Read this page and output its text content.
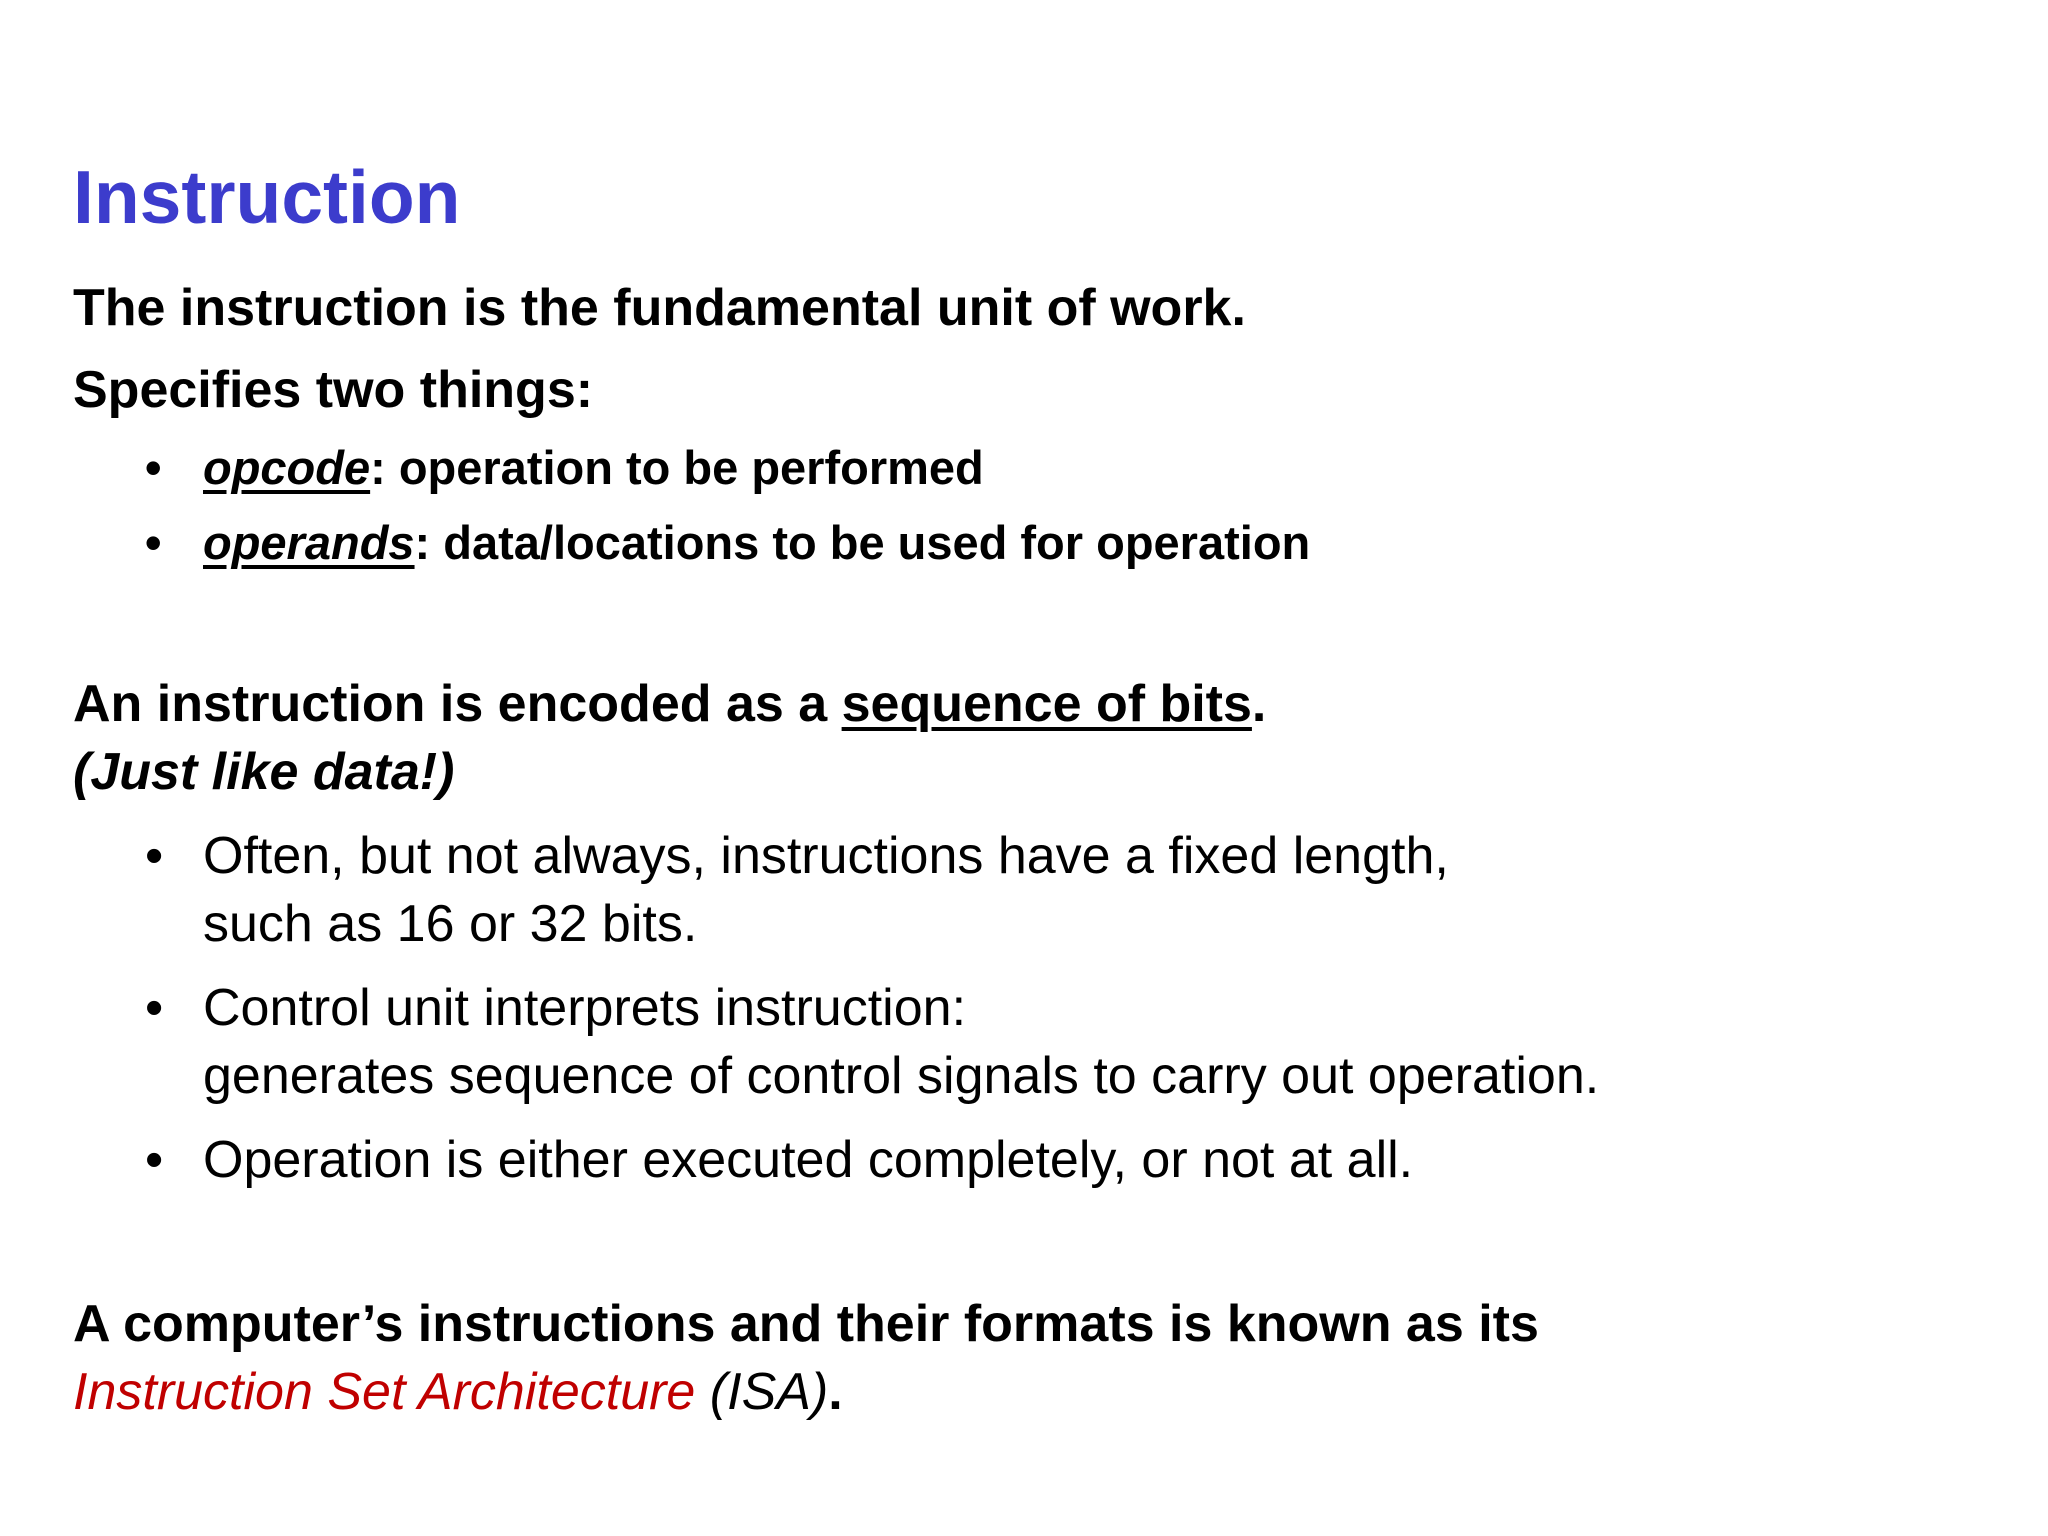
Instruction

The instruction is the fundamental unit of work.

Specifies two things:

• opcode: operation to be performed
• operands: data/locations to be used for operation

An instruction is encoded as a sequence of bits.

(Just like data!)

• Often, but not always, instructions have a fixed length,
such as 16 or 32 bits.
• Control unit interprets instruction:
generates sequence of control signals to carry out operation.
• Operation is either executed completely, or not at all.

A computer’s instructions and their formats is known as its

Instruction Set Architecture (ISA).
